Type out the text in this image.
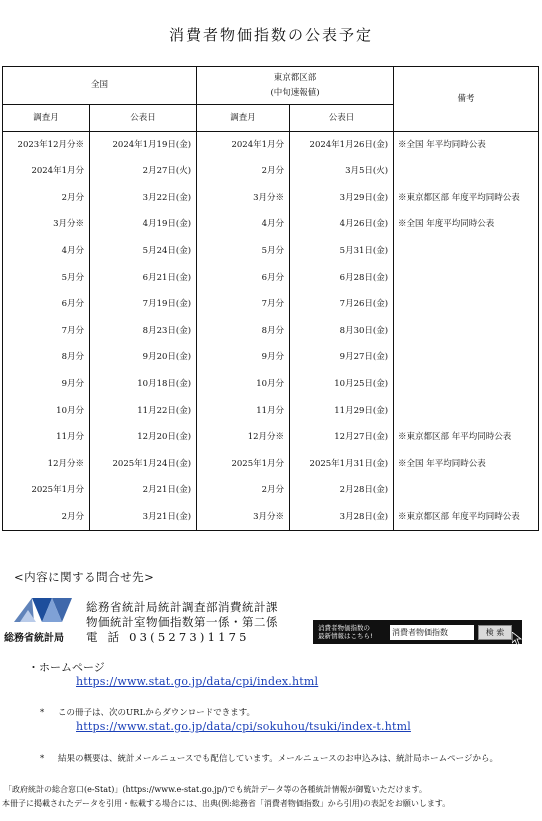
消費者物価指数の公表予定
全国		東京都区部
(中旬速報値)		備考
調査月	公表日	調査月	公表日	
2023年12月分※	2024年1月19日(金)	2024年1月分	2024年1月26日(金)	※全国 年平均同時公表
2024年1月分	2月27日(火)	2月分	3月5日(火)	
2月分	3月22日(金)	3月分※	3月29日(金)	※東京都区部 年度平均同時公表
3月分※	4月19日(金)	4月分	4月26日(金)	※全国 年度平均同時公表
4月分	5月24日(金)	5月分	5月31日(金)	
5月分	6月21日(金)	6月分	6月28日(金)	
6月分	7月19日(金)	7月分	7月26日(金)	
7月分	8月23日(金)	8月分	8月30日(金)	
8月分	9月20日(金)	9月分	9月27日(金)	
9月分	10月18日(金)	10月分	10月25日(金)	
10月分	11月22日(金)	11月分	11月29日(金)	
11月分	12月20日(金)	12月分※	12月27日(金)	※東京都区部 年平均同時公表
12月分※	2025年1月24日(金)	2025年1月分	2025年1月31日(金)	※全国 年平均同時公表
2025年1月分	2月21日(金)	2月分	2月28日(金)	
2月分	3月21日(金)	3月分※	3月28日(金)	※東京都区部 年度平均同時公表
<内容に関する問合せ先>
総務省統計局
総務省統計局統計調査部消費統計課
物価統計室物価指数第一係・第二係
電 話 03(5273)1175
消費者物価指数の
最新情報はこちら! 消費者物価指数	検 索
・ホームページ
https://www.stat.go.jp/data/cpi/index.html
* この冊子は、次のURLからダウンロードできます。
https://www.stat.go.jp/data/cpi/sokuhou/tsuki/index-t.html
* 結果の概要は、統計メールニュースでも配信しています。メールニュースのお申込みは、統計局ホームページから。
「政府統計の総合窓口(e-Stat)」(https://www.e-stat.go.jp/)でも統計データ等の各種統計情報が御覧いただけます。
本冊子に掲載されたデータを引用・転載する場合には、出典(例:総務省「消費者物価指数」から引用)の表記をお願いします。
